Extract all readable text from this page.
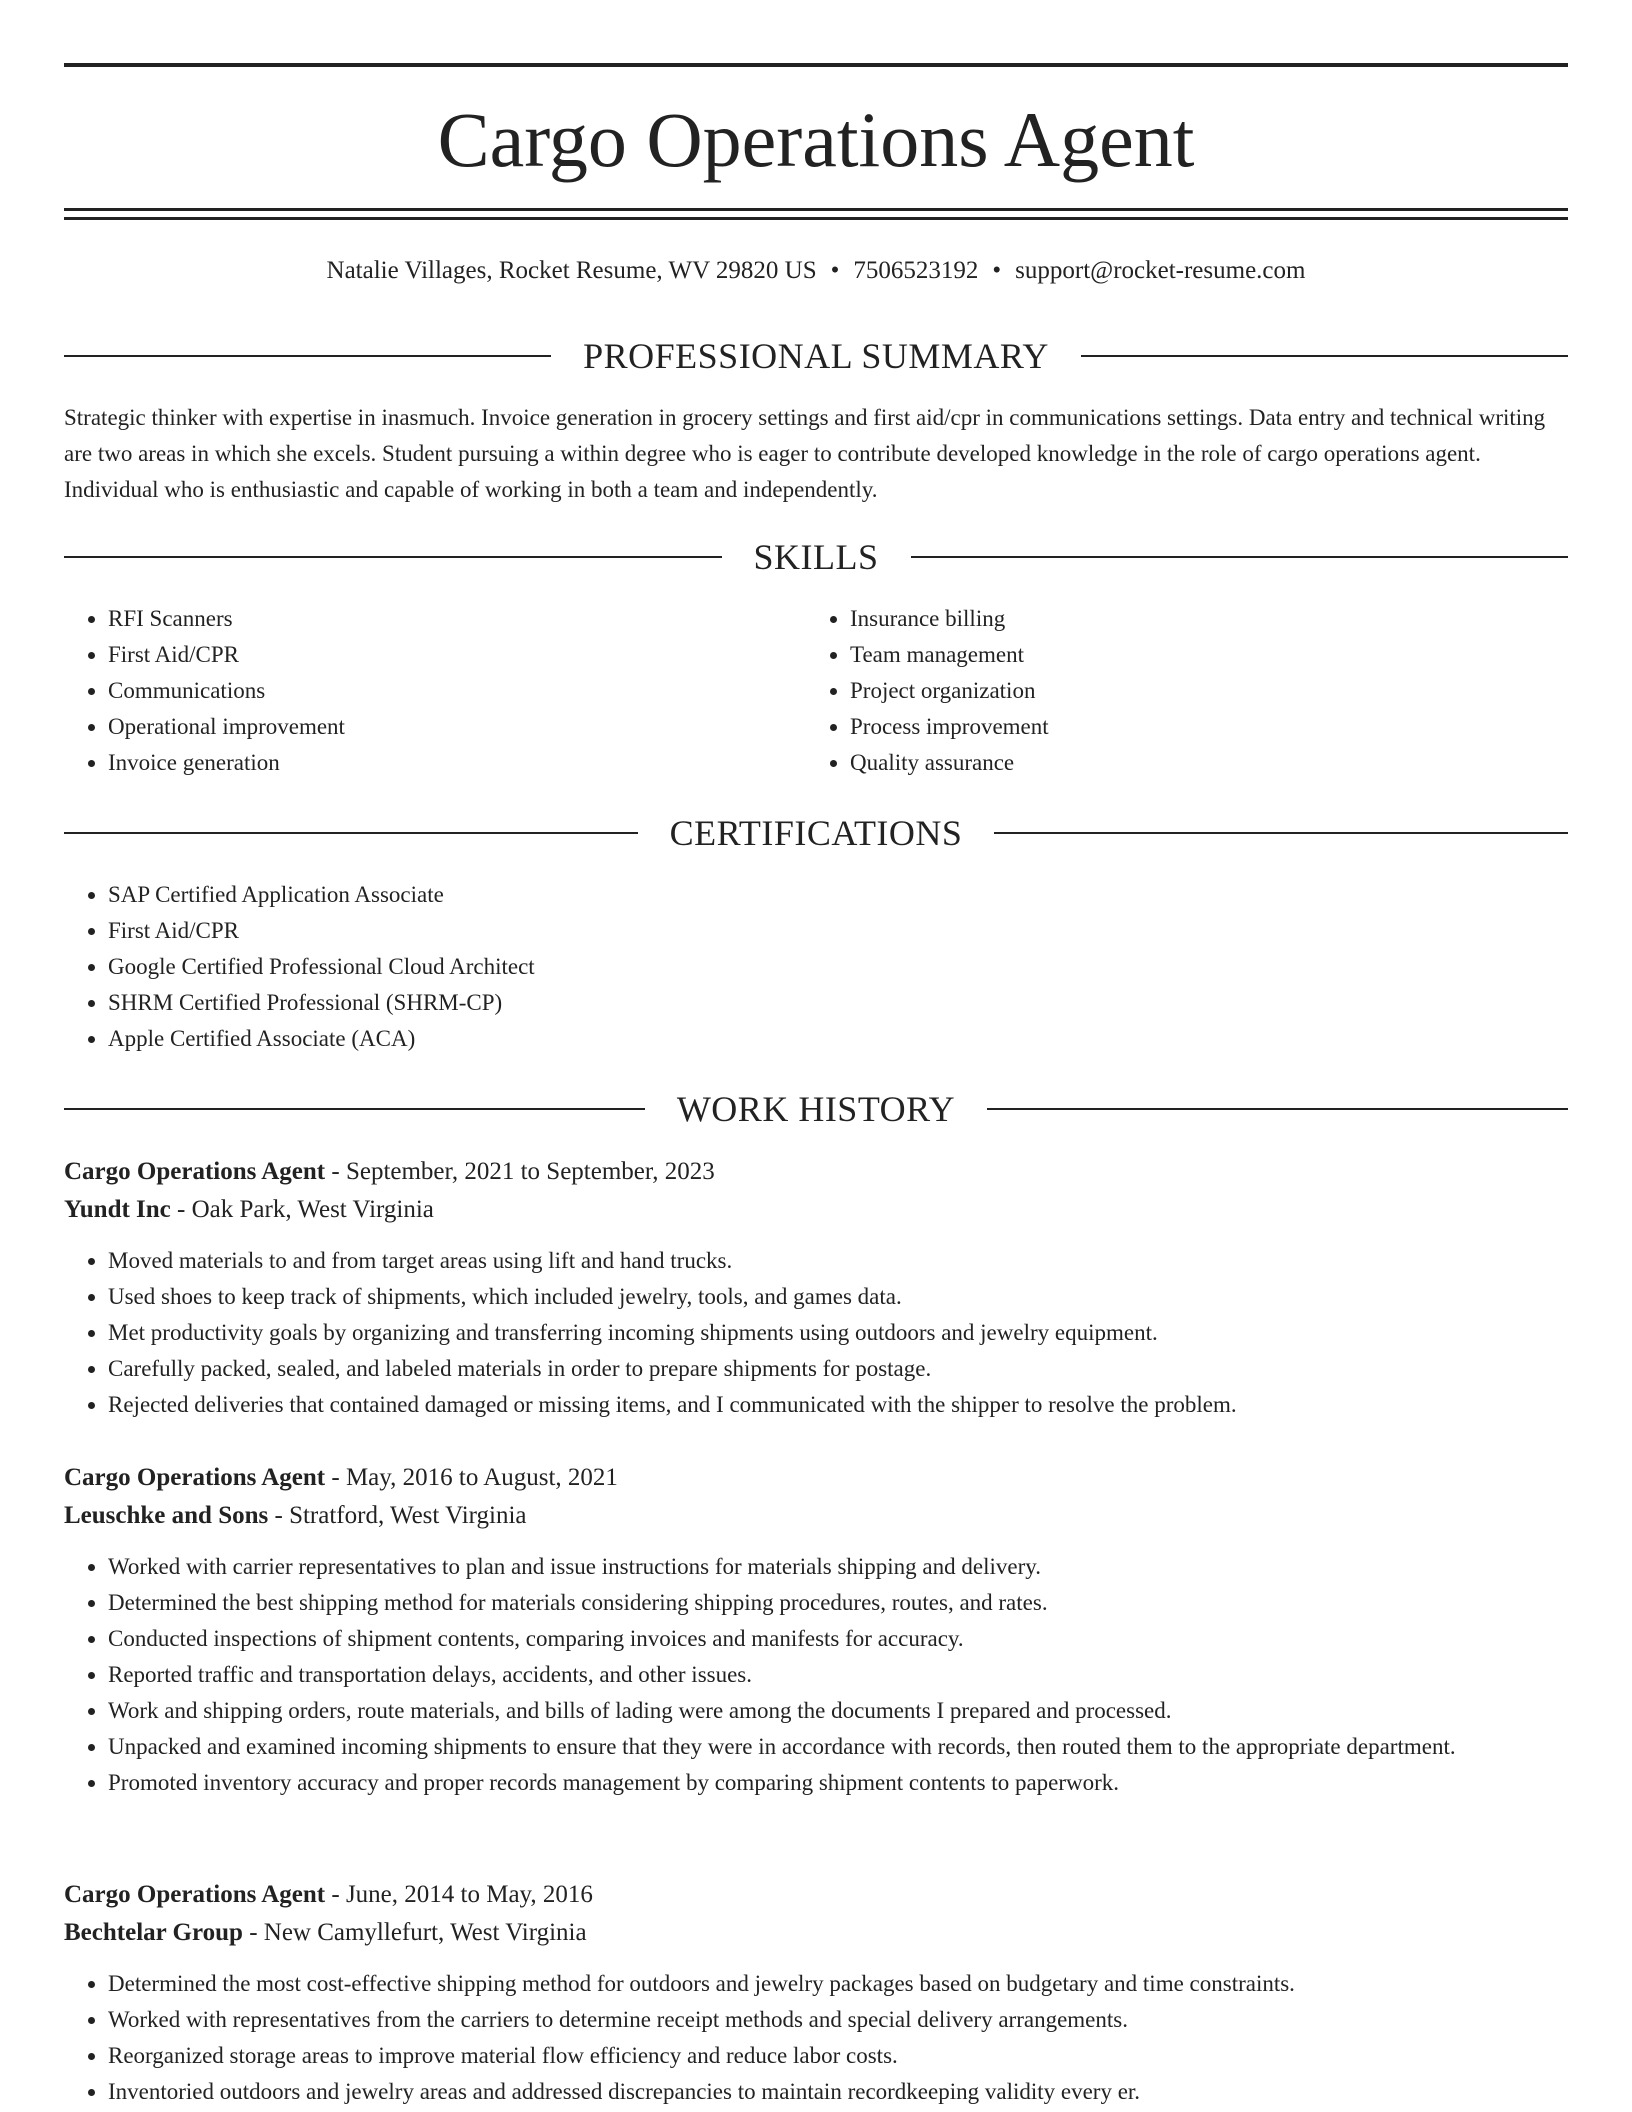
Cargo Operations Agent
Natalie Villages, Rocket Resume, WV 29820 US • 7506523192 • support@rocket-resume.com
PROFESSIONAL SUMMARY

Strategic thinker with expertise in inasmuch. Invoice generation in grocery settings and first aid/cpr in communications settings. Data entry and technical writing are two areas in which she excels. Student pursuing a within degree who is eager to contribute developed knowledge in the role of cargo operations agent. Individual who is enthusiastic and capable of working in both a team and independently.

SKILLS
• RFI Scanners
• First Aid/CPR
• Communications
• Operational improvement
• Invoice generation
• Insurance billing
• Team management
• Project organization
• Process improvement
• Quality assurance
CERTIFICATIONS
• SAP Certified Application Associate
• First Aid/CPR
• Google Certified Professional Cloud Architect
• SHRM Certified Professional (SHRM-CP)
• Apple Certified Associate (ACA)
WORK HISTORY
Cargo Operations Agent - September, 2021 to September, 2023
Yundt Inc - Oak Park, West Virginia
• Moved materials to and from target areas using lift and hand trucks.
• Used shoes to keep track of shipments, which included jewelry, tools, and games data.
• Met productivity goals by organizing and transferring incoming shipments using outdoors and jewelry equipment.
• Carefully packed, sealed, and labeled materials in order to prepare shipments for postage.
• Rejected deliveries that contained damaged or missing items, and I communicated with the shipper to resolve the problem.
Cargo Operations Agent - May, 2016 to August, 2021
Leuschke and Sons - Stratford, West Virginia
• Worked with carrier representatives to plan and issue instructions for materials shipping and delivery.
• Determined the best shipping method for materials considering shipping procedures, routes, and rates.
• Conducted inspections of shipment contents, comparing invoices and manifests for accuracy.
• Reported traffic and transportation delays, accidents, and other issues.
• Work and shipping orders, route materials, and bills of lading were among the documents I prepared and processed.
• Unpacked and examined incoming shipments to ensure that they were in accordance with records, then routed them to the appropriate department.
• Promoted inventory accuracy and proper records management by comparing shipment contents to paperwork.
Cargo Operations Agent - June, 2014 to May, 2016
Bechtelar Group - New Camyllefurt, West Virginia
• Determined the most cost-effective shipping method for outdoors and jewelry packages based on budgetary and time constraints.
• Worked with representatives from the carriers to determine receipt methods and special delivery arrangements.
• Reorganized storage areas to improve material flow efficiency and reduce labor costs.
• Inventoried outdoors and jewelry areas and addressed discrepancies to maintain recordkeeping validity every er.
